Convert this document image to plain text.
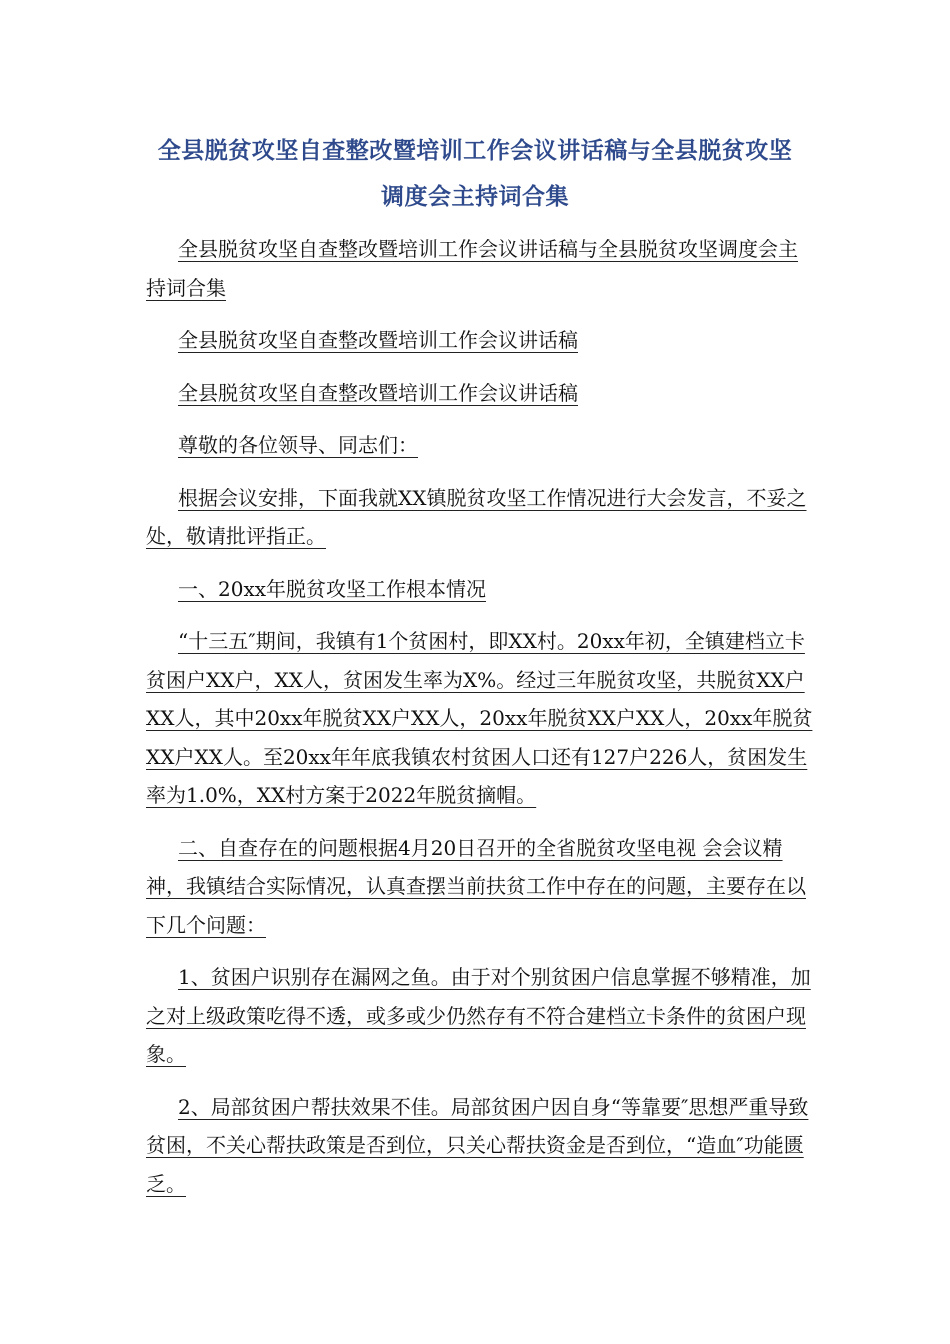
全县脱贫攻坚自查整改暨培训工作会议讲话稿与全县脱贫攻坚
调度会主持词合集

全县脱贫攻坚自查整改暨培训工作会议讲话稿与全县脱贫攻坚调度会主持词合集

全县脱贫攻坚自查整改暨培训工作会议讲话稿

全县脱贫攻坚自查整改暨培训工作会议讲话稿

尊敬的各位领导、同志们：

根据会议安排，下面我就XX镇脱贫攻坚工作情况进行大会发言，不妥之处，敬请批评指正。

一、20xx年脱贫攻坚工作根本情况

“十三五″期间，我镇有1个贫困村，即XX村。20xx年初，全镇建档立卡贫困户XX户，XX人，贫困发生率为X%。经过三年脱贫攻坚，共脱贫XX户XX人，其中20xx年脱贫XX户XX人，20xx年脱贫XX户XX人，20xx年脱贫XX户XX人。至20xx年年底我镇农村贫困人口还有127户226人，贫困发生率为1.0%，XX村方案于2022年脱贫摘帽。

二、自查存在的问题根据4月20日召开的全省脱贫攻坚电视 会会议精神，我镇结合实际情况，认真查摆当前扶贫工作中存在的问题，主要存在以下几个问题：

1、贫困户识别存在漏网之鱼。由于对个别贫困户信息掌握不够精准，加之对上级政策吃得不透，或多或少仍然存有不符合建档立卡条件的贫困户现象。

2、局部贫困户帮扶效果不佳。局部贫困户因自身“等靠要″思想严重导致贫困，不关心帮扶政策是否到位，只关心帮扶资金是否到位，“造血″功能匮乏。
